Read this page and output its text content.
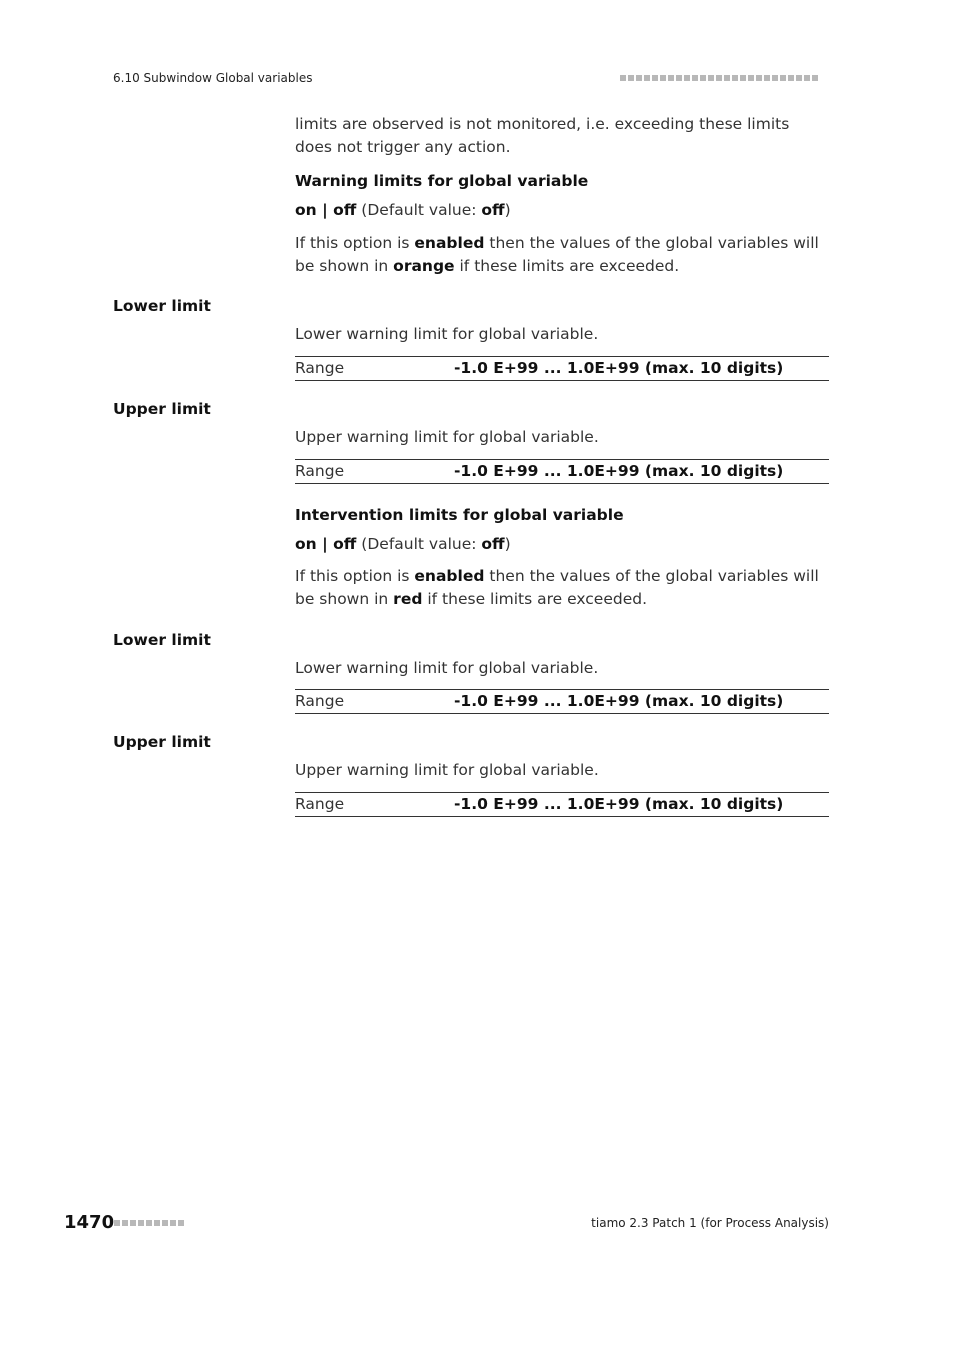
6.10 Subwindow Global variables
limits are observed is not monitored, i.e. exceeding these limits does not trigger any action.
Warning limits for global variable
on | off (Default value: off)
If this option is enabled then the values of the global variables will be shown in orange if these limits are exceeded.
Lower limit
Lower warning limit for global variable.
Range	-1.0 E+99 ... 1.0E+99 (max. 10 digits)
Upper limit
Upper warning limit for global variable.
Range	-1.0 E+99 ... 1.0E+99 (max. 10 digits)
Intervention limits for global variable
on | off (Default value: off)
If this option is enabled then the values of the global variables will be shown in red if these limits are exceeded.
Lower limit
Lower warning limit for global variable.
Range	-1.0 E+99 ... 1.0E+99 (max. 10 digits)
Upper limit
Upper warning limit for global variable.
Range	-1.0 E+99 ... 1.0E+99 (max. 10 digits)
1470	tiamo 2.3 Patch 1 (for Process Analysis)
